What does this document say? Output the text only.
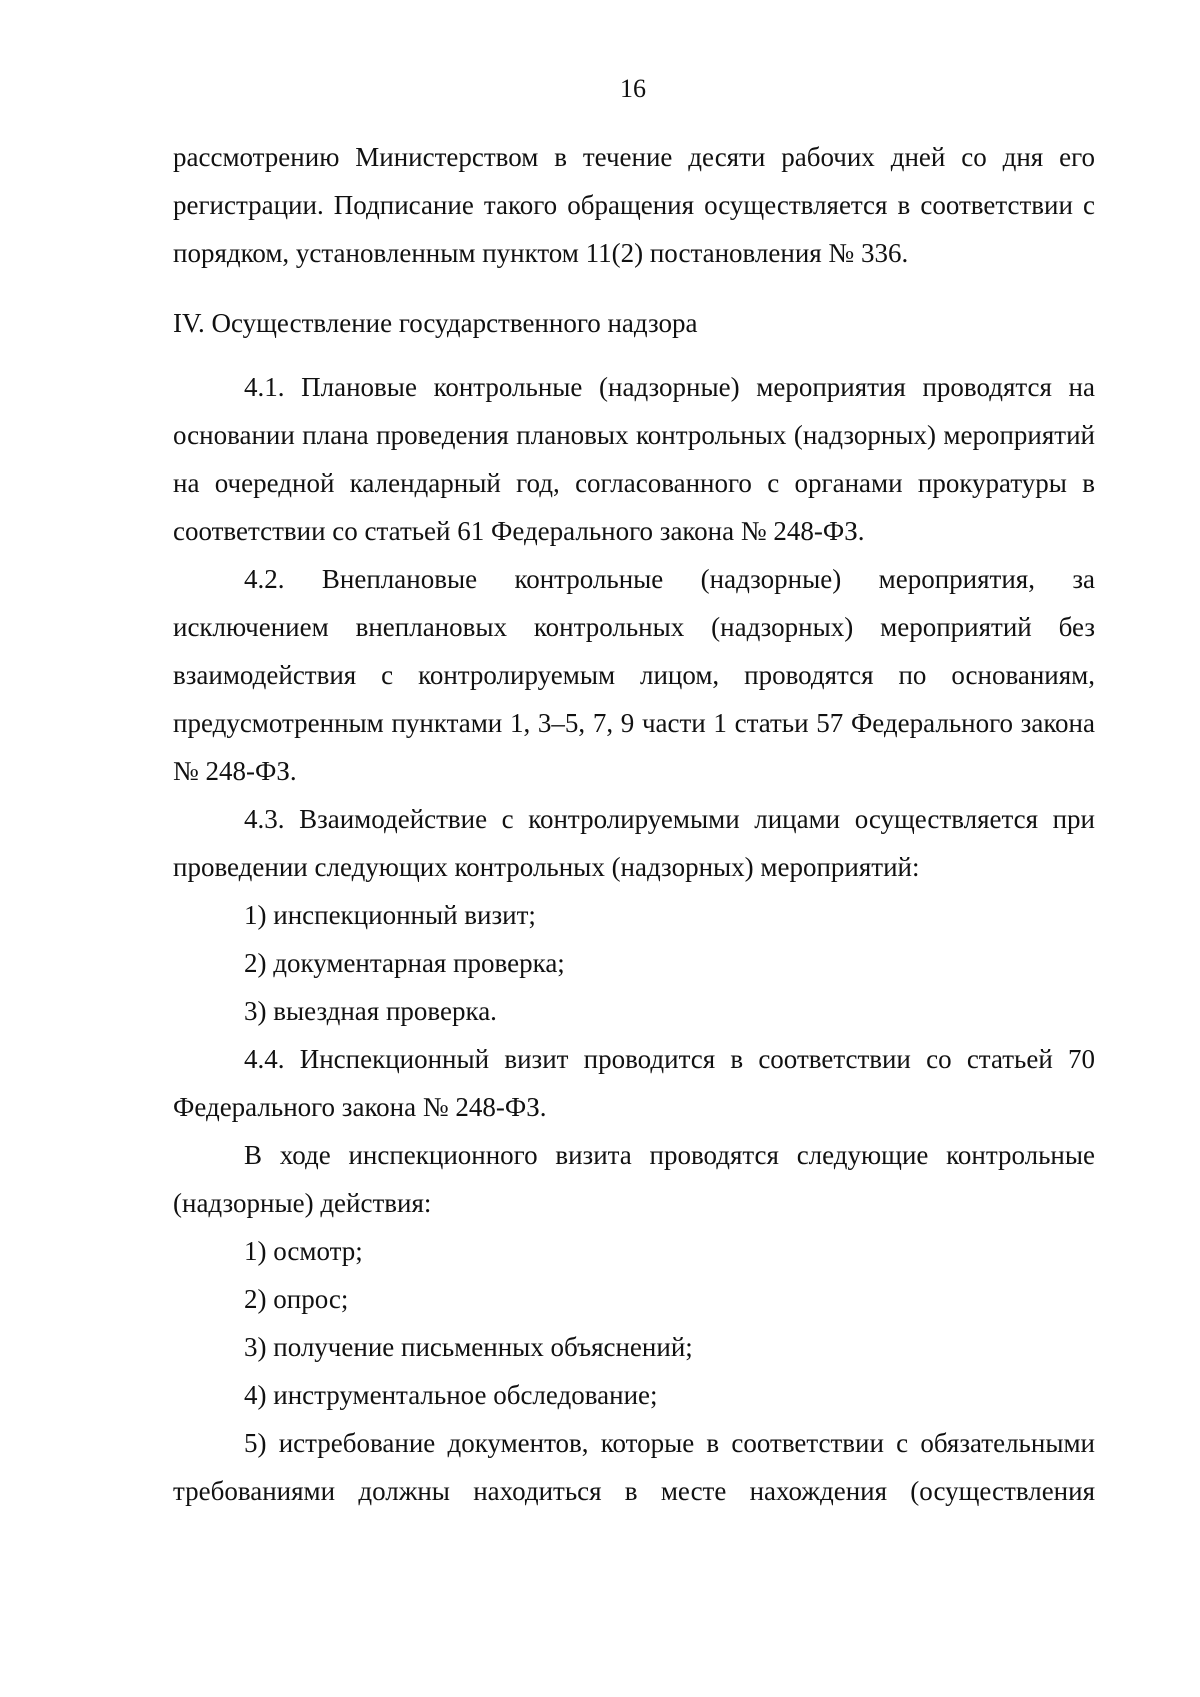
16

рассмотрению Министерством в течение десяти рабочих дней со дня его регистрации. Подписание такого обращения осуществляется в соответствии с порядком, установленным пунктом 11(2) постановления № 336.

IV. Осуществление государственного надзора

4.1. Плановые контрольные (надзорные) мероприятия проводятся на основании плана проведения плановых контрольных (надзорных) мероприятий на очередной календарный год, согласованного с органами прокуратуры в соответствии со статьей 61 Федерального закона № 248-ФЗ.

4.2. Внеплановые контрольные (надзорные) мероприятия, за исключением внеплановых контрольных (надзорных) мероприятий без взаимодействия с контролируемым лицом, проводятся по основаниям, предусмотренным пунктами 1, 3–5, 7, 9 части 1 статьи 57 Федерального закона № 248-ФЗ.

4.3. Взаимодействие с контролируемыми лицами осуществляется при проведении следующих контрольных (надзорных) мероприятий:

1) инспекционный визит;

2) документарная проверка;

3) выездная проверка.

4.4. Инспекционный визит проводится в соответствии со статьей 70 Федерального закона № 248-ФЗ.

В ходе инспекционного визита проводятся следующие контрольные (надзорные) действия:

1) осмотр;

2) опрос;

3) получение письменных объяснений;

4) инструментальное обследование;

5) истребование документов, которые в соответствии с обязательными требованиями должны находиться в месте нахождения (осуществления
